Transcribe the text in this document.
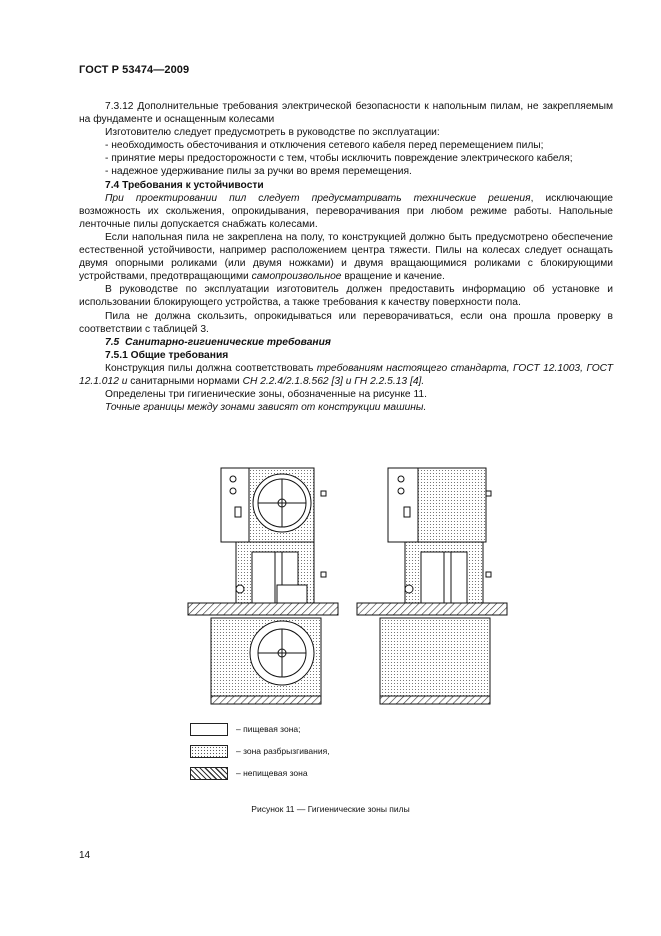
ГОСТ Р 53474—2009

7.3.12 Дополнительные требования электрической безопасности к напольным пилам, не закрепляемым на фундаменте и оснащенным колесами

Изготовителю следует предусмотреть в руководстве по эксплуатации:

- необходимость обесточивания и отключения сетевого кабеля перед перемещением пилы;

- принятие меры предосторожности с тем, чтобы исключить повреждение электрического кабеля;

- надежное удерживание пилы за ручки во время перемещения.

7.4 Требования к устойчивости

При проектировании пил следует предусматривать технические решения, исключающие возможность их скольжения, опрокидывания, переворачивания при любом режиме работы. Напольные ленточные пилы допускается снабжать колесами.

Если напольная пила не закреплена на полу, то конструкцией должно быть предусмотрено обеспечение естественной устойчивости, например расположением центра тяжести. Пилы на колесах следует оснащать двумя опорными роликами (или двумя ножками) и двумя вращающимися роликами с блокирующими устройствами, предотвращающими самопроизвольное вращение и качение.

В руководстве по эксплуатации изготовитель должен предоставить информацию об установке и использовании блокирующего устройства, а также требования к качеству поверхности пола.

Пила не должна скользить, опрокидываться или переворачиваться, если она прошла проверку в соответствии с таблицей 3.

7.5 Санитарно-гигиенические требования

7.5.1 Общие требования

Конструкция пилы должна соответствовать требованиям настоящего стандарта, ГОСТ 12.1003, ГОСТ 12.1.012 и санитарными нормами СН 2.2.4/2.1.8.562 [3] и ГН 2.2.5.13 [4].

Определены три гигиенические зоны, обозначенные на рисунке 11.

Точные границы между зонами зависят от конструкции машины.

– пищевая зона;
– зона разбрызгивания,
– непищевая зона
Рисунок 11 — Гигиенические зоны пилы
14
